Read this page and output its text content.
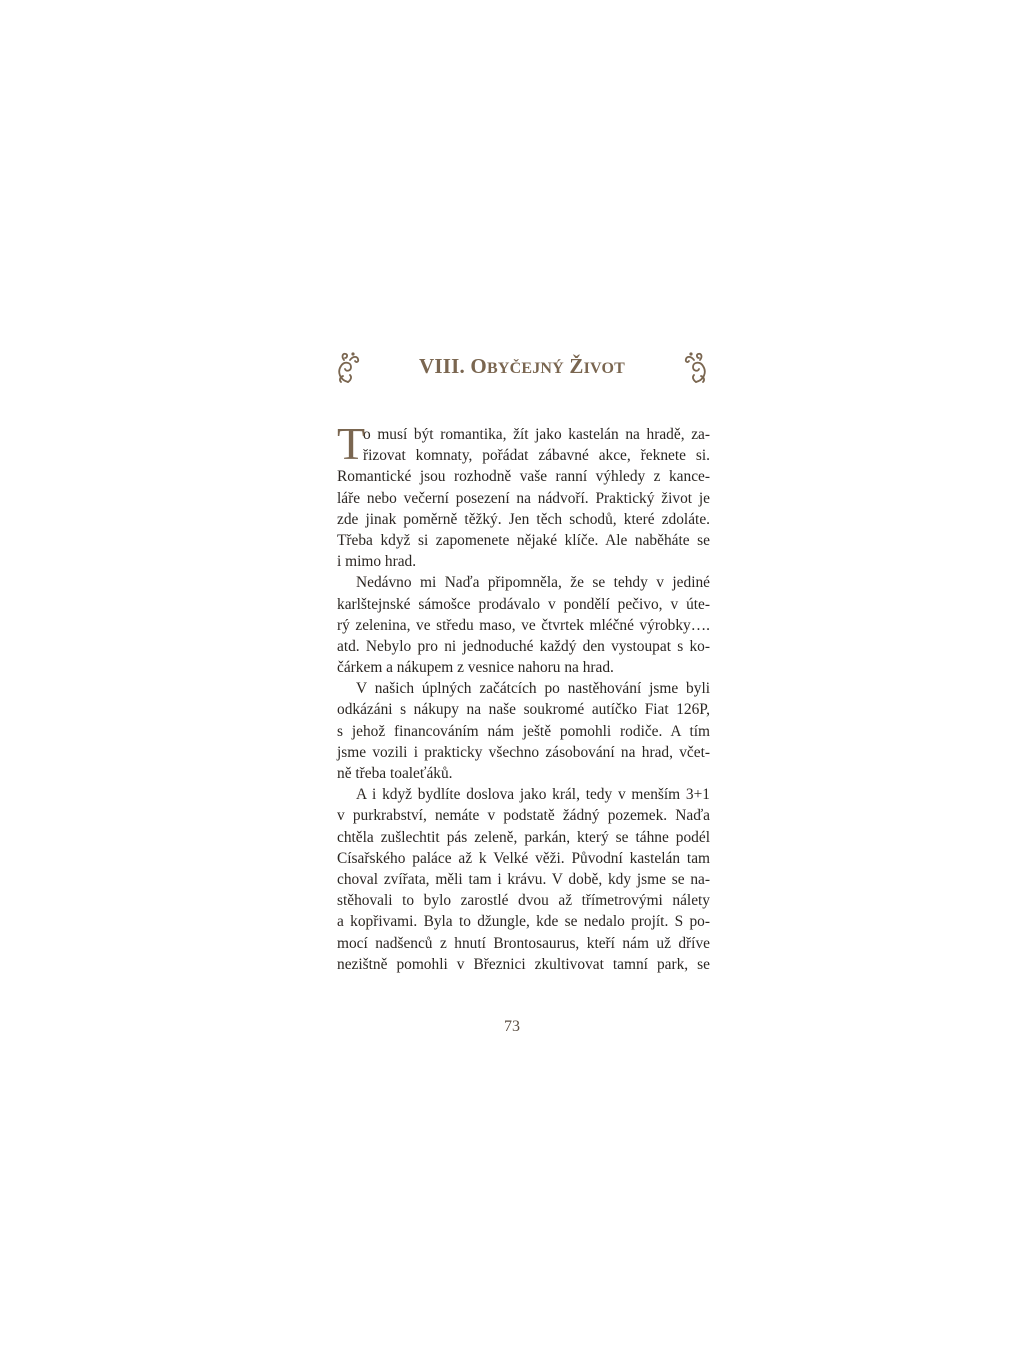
VIII. OBYČEJNÝ ŽIVOT
T
o musí být romantika, žít jako kastelán na hradě, za-
řizovat komnaty, pořádat zábavné akce, řeknete si.
Romantické jsou rozhodně vaše ranní výhledy z kance-
láře nebo večerní posezení na nádvoří. Praktický život je
zde jinak poměrně těžký. Jen těch schodů, které zdoláte.
Třeba když si zapomenete nějaké klíče. Ale naběháte se
i mimo hrad.
Nedávno mi Naďa připomněla, že se tehdy v jediné
karlštejnské sámošce prodávalo v pondělí pečivo, v úte-
rý zelenina, ve středu maso, ve čtvrtek mléčné výrobky….
atd. Nebylo pro ni jednoduché každý den vystoupat s ko-
čárkem a nákupem z vesnice nahoru na hrad.
V našich úplných začátcích po nastěhování jsme byli
odkázáni s nákupy na naše soukromé autíčko Fiat 126P,
s jehož financováním nám ještě pomohli rodiče. A tím
jsme vozili i prakticky všechno zásobování na hrad, včet-
ně třeba toaleťáků.
A i když bydlíte doslova jako král, tedy v menším 3+1
v purkrabství, nemáte v podstatě žádný pozemek. Naďa
chtěla zušlechtit pás zeleně, parkán, který se táhne podél
Císařského paláce až k Velké věži. Původní kastelán tam
choval zvířata, měli tam i krávu. V době, kdy jsme se na-
stěhovali to bylo zarostlé dvou až třímetrovými nálety
a kopřivami. Byla to džungle, kde se nedalo projít. S po-
mocí nadšenců z hnutí Brontosaurus, kteří nám už dříve
nezištně pomohli v Březnici zkultivovat tamní park, se
73
